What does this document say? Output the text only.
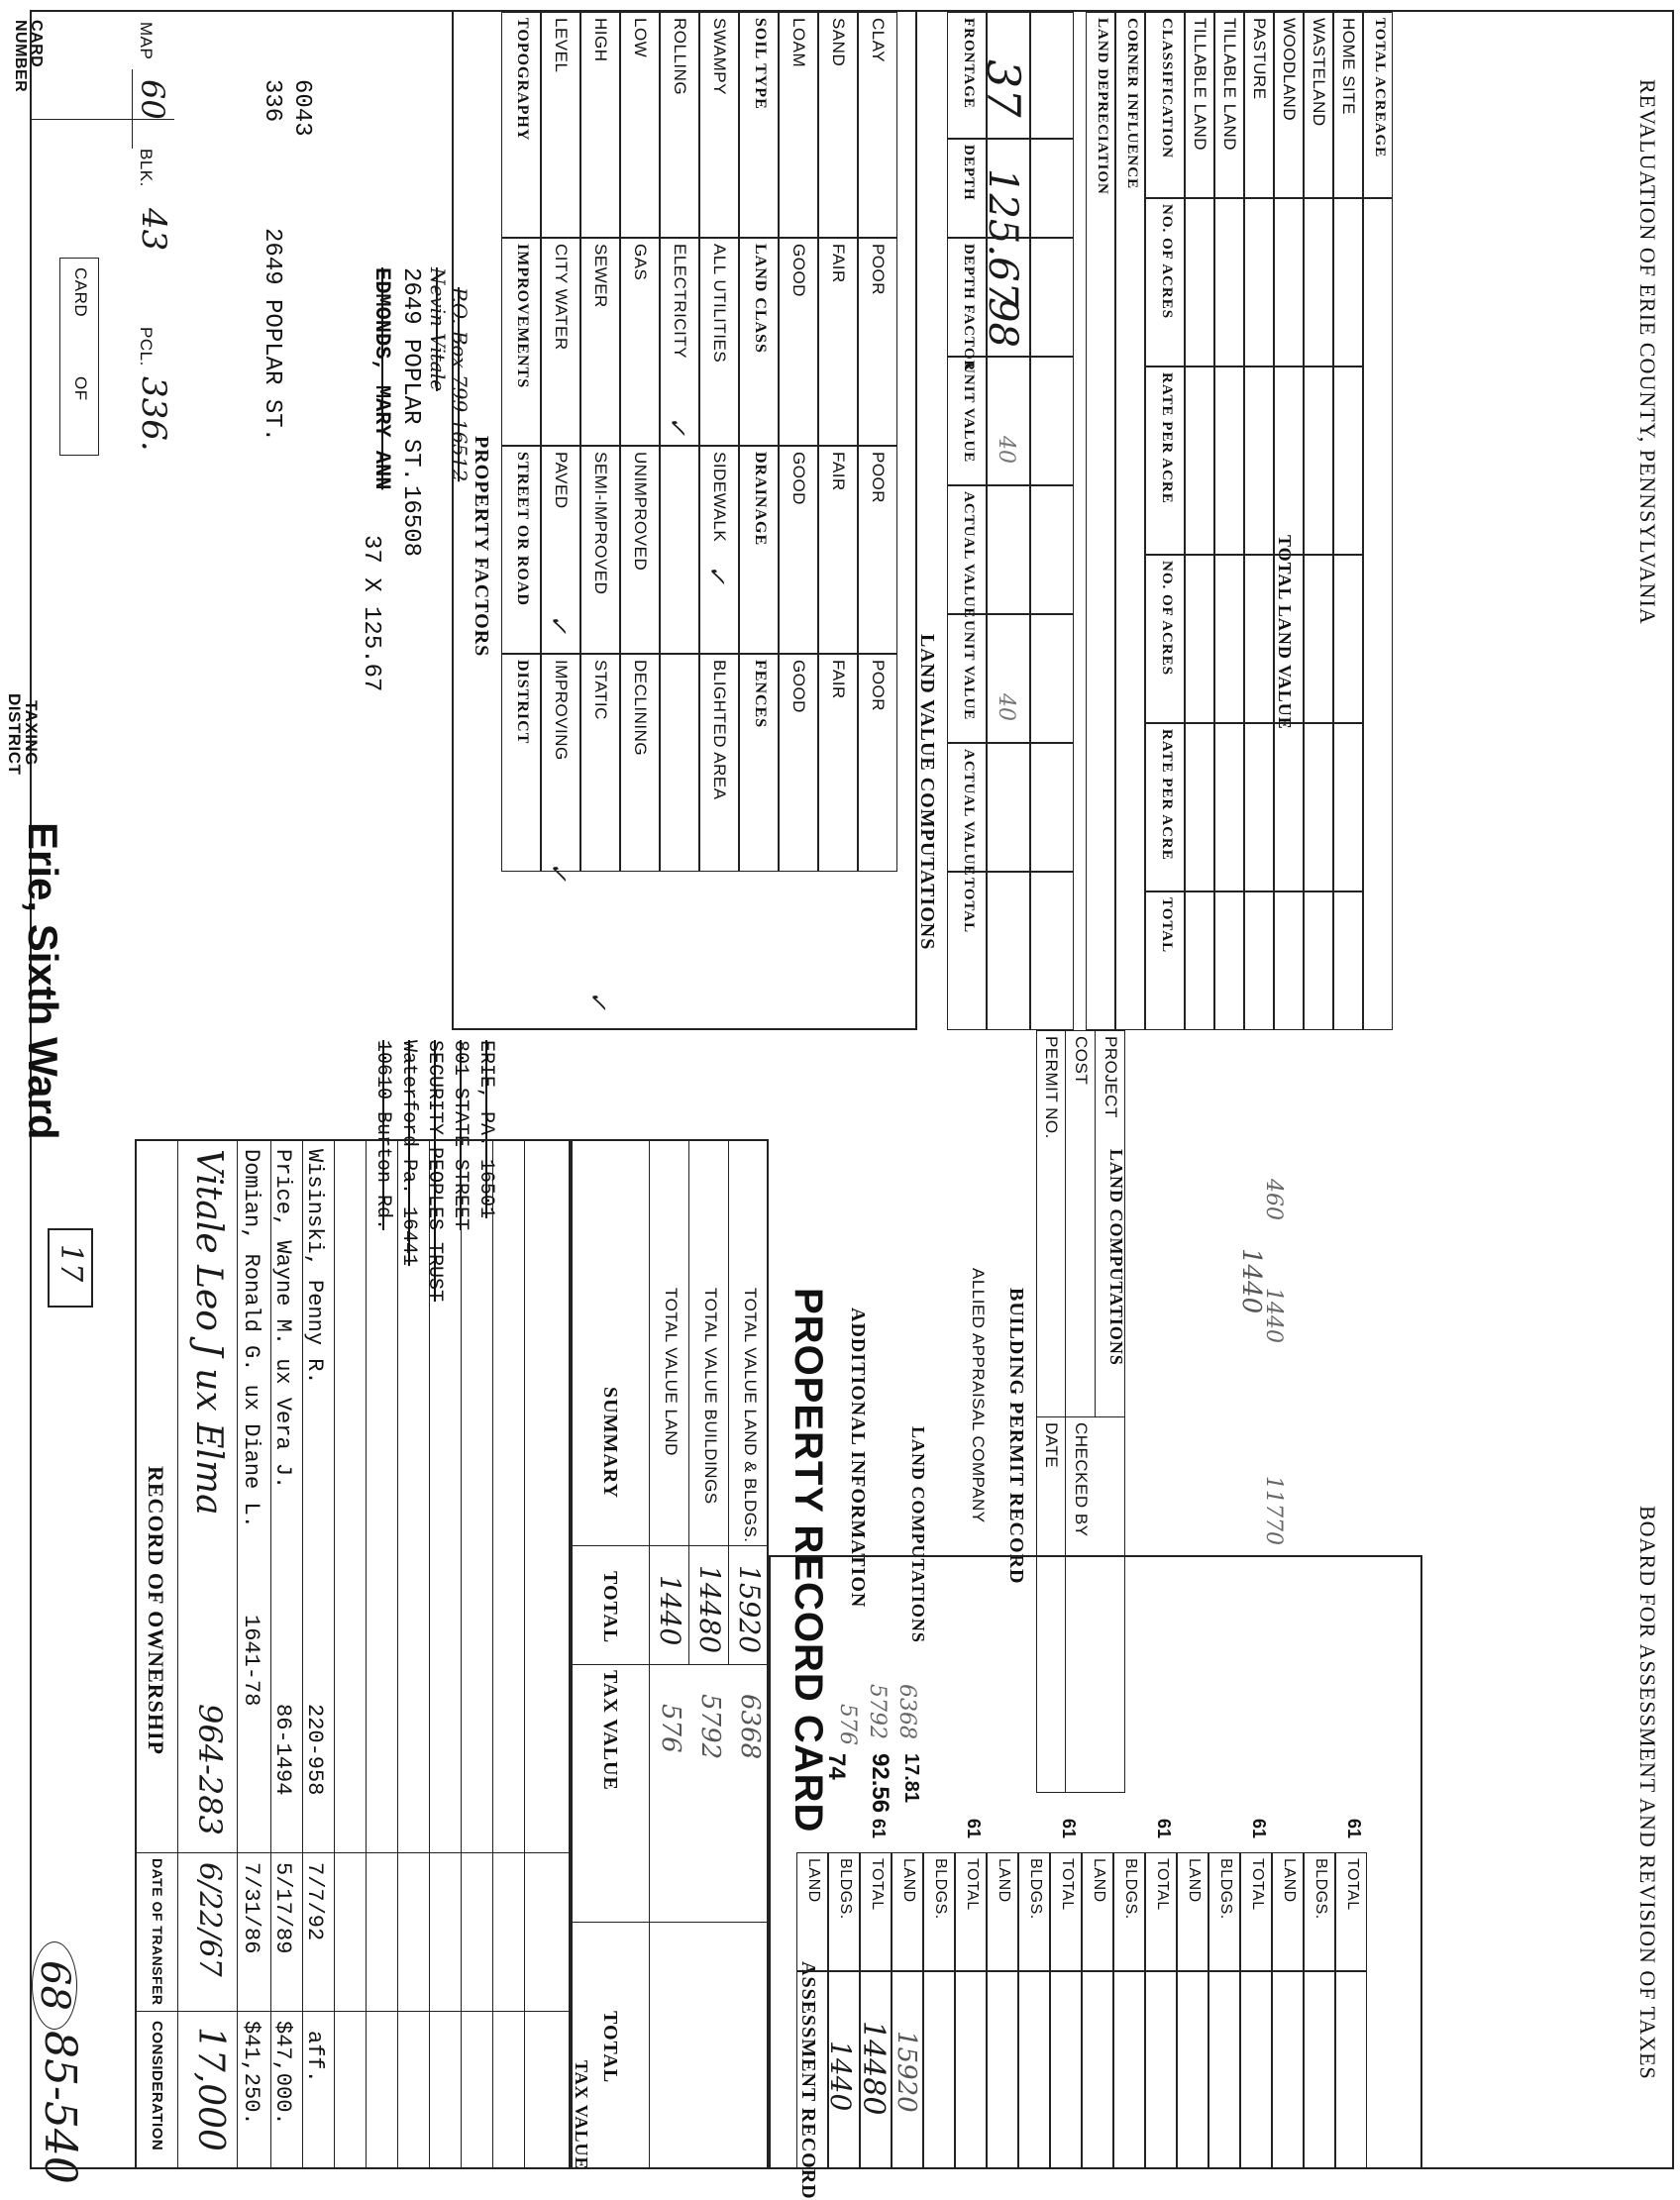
CARD NUMBER
TAXING DISTRICT
Erie, Sixth Ward
17
68
85-540
MAP
60
BLK.
43
PCL.
336.
CARD
OF
6043
336
2649 POPLAR ST.
37 X 125.67
EDMONDS, MARY ANN 2649 POPLAR ST.
16508
Nevin Vitale
P.O. Box 799 16512
10610 Burton Rd. Waterford Pa. 16441 SECURITY PEOPLES TRUST 801 STATE STREET ERIE, PA. 16501
RECORD OF OWNERSHIP
DATE OF TRANSFER
CONSIDERATION
Vitale Leo J ux Elma
964-283
6/22/67
17,000
Domian, Ronald G. ux Diane L.
1641-78
7/31/86
$41,250.
Price, Wayne M. ux Vera J.
86-1494
5/17/89
$47,000.
Wisinski, Penny R.
220-958
7/7/92
aff.
SUMMARY
TOTAL
TAX VALUE
TOTAL
TAX VALUE
TOTAL VALUE LAND
1440
576
TOTAL VALUE BUILDINGS
14480
5792
TOTAL VALUE LAND & BLDGS.
15920
6368 PROPERTY RECORD CARD ADDITIONAL INFORMATION
576 5792 6368
ALLIED APPRAISAL COMPANY BUILDING PERMIT RECORD
PERMIT NO. COST PROJECT
DATE CHECKED BY
ASSESSMENT RECORD 1440 14480 15920
74 92.56 17.81
PROPERTY FACTORS
LAND VALUE COMPUTATIONS
37
125.67
98
40
40
1440
LAND COMPUTATIONS
LAND COMPUTATIONS
TOTAL LAND VALUE
460
1440
11770
REVALUATION OF ERIE COUNTY, PENNSYLVANIA
BOARD FOR ASSESSMENT AND REVISION OF TAXES
TOPOGRAPHY
IMPROVEMENTS
STREET OR ROAD
DISTRICT
LEVEL
CITY WATER
PAVED
IMPROVING
HIGH
SEWER
SEMI-IMPROVED
STATIC
LOW
GAS
UNIMPROVED
DECLINING
ROLLING
ELECTRICITY
SWAMPY
ALL UTILITIES
SIDEWALK
BLIGHTED AREA
SOIL TYPE
LAND CLASS
DRAINAGE
FENCES
LOAM
GOOD
GOOD
GOOD
SAND
FAIR
FAIR
FAIR
CLAY
POOR
POOR
POOR
✓
✓
✓
✓
✓
FRONTAGE
DEPTH
DEPTH FACTOR
UNIT VALUE
ACTUAL VALUE
UNIT VALUE
ACTUAL VALUE
TOTAL
LAND DEPRECIATION CORNER INFLUENCE CLASSIFICATION
NO. OF ACRES
RATE PER ACRE
NO. OF ACRES
RATE PER ACRE
TOTAL
TILLABLE LAND TILLABLE LAND PASTURE WOODLAND WASTELAND HOME SITE TOTAL ACREAGE
LAND BLDGS. TOTAL
61
LAND BLDGS. TOTAL
61
LAND BLDGS. TOTAL
61
LAND BLDGS. TOTAL
61
LAND BLDGS. TOTAL
61
LAND BLDGS. TOTAL
61
